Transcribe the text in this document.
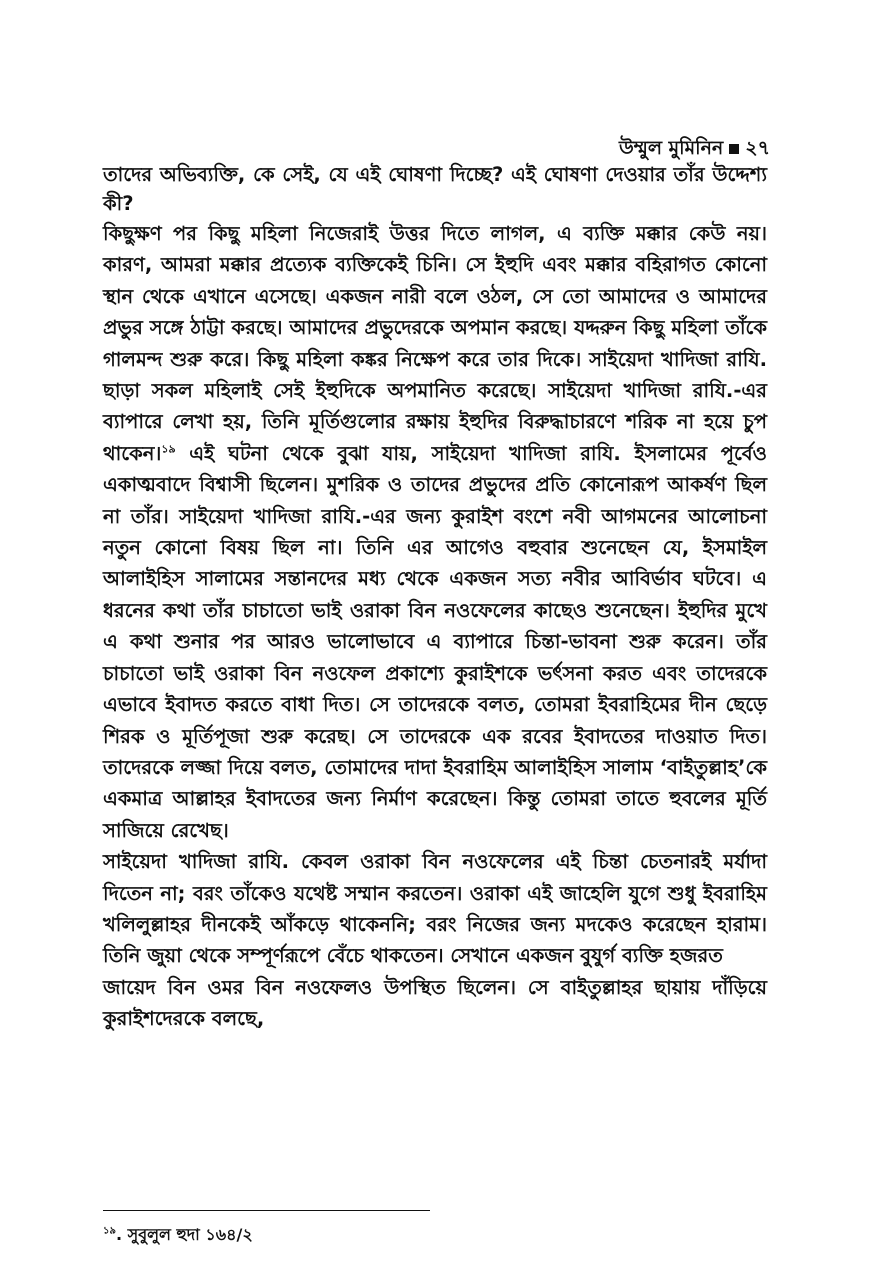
উম্মুল মুমিনিন ২৭

তাদের অভিব্যক্তি, কে সেই, যে এই ঘোষণা দিচ্ছে? এই ঘোষণা দেওয়ার তাঁর উদ্দেশ্য কী?

কিছুক্ষণ পর কিছু মহিলা নিজেরাই উত্তর দিতে লাগল, এ ব্যক্তি মক্কার কেউ নয়। কারণ, আমরা মক্কার প্রত্যেক ব্যক্তিকেই চিনি। সে ইহুদি এবং মক্কার বহিরাগত কোনো স্থান থেকে এখানে এসেছে। একজন নারী বলে ওঠল, সে তো আমাদের ও আমাদের প্রভুর সঙ্গে ঠাট্টা করছে। আমাদের প্রভুদেরকে অপমান করছে। যদ্দরুন কিছু মহিলা তাঁকে গালমন্দ শুরু করে। কিছু মহিলা কঙ্কর নিক্ষেপ করে তার দিকে। সাইয়েদা খাদিজা রাযি. ছাড়া সকল মহিলাই সেই ইহুদিকে অপমানিত করেছে। সাইয়েদা খাদিজা রাযি.-এর ব্যাপারে লেখা হয়, তিনি মূর্তিগুলোর রক্ষায় ইহুদির বিরুদ্ধাচারণে শরিক না হয়ে চুপ থাকেন।$^{১৯}$ এই ঘটনা থেকে বুঝা যায়, সাইয়েদা খাদিজা রাযি. ইসলামের পূর্বেও একাত্মবাদে বিশ্বাসী ছিলেন। মুশরিক ও তাদের প্রভুদের প্রতি কোনোরূপ আকর্ষণ ছিল না তাঁর। সাইয়েদা খাদিজা রাযি.-এর জন্য কুরাইশ বংশে নবী আগমনের আলোচনা নতুন কোনো বিষয় ছিল না। তিনি এর আগেও বহুবার শুনেছেন যে, ইসমাইল আলাইহিস সালামের সন্তানদের মধ্য থেকে একজন সত্য নবীর আবির্ভাব ঘটবে। এ ধরনের কথা তাঁর চাচাতো ভাই ওরাকা বিন নওফেলের কাছেও শুনেছেন। ইহুদির মুখে এ কথা শুনার পর আরও ভালোভাবে এ ব্যাপারে চিন্তা-ভাবনা শুরু করেন। তাঁর চাচাতো ভাই ওরাকা বিন নওফেল প্রকাশ্যে কুরাইশকে ভর্ৎসনা করত এবং তাদেরকে এভাবে ইবাদত করতে বাধা দিত। সে তাদেরকে বলত, তোমরা ইবরাহিমের দীন ছেড়ে শিরক ও মূর্তিপূজা শুরু করেছ। সে তাদেরকে এক রবের ইবাদতের দাওয়াত দিত। তাদেরকে লজ্জা দিয়ে বলত, তোমাদের দাদা ইবরাহিম আলাইহিস সালাম ‘বাইতুল্লাহ’কে একমাত্র আল্লাহর ইবাদতের জন্য নির্মাণ করেছেন। কিন্তু তোমরা তাতে হুবলের মূর্তি সাজিয়ে রেখেছ।

সাইয়েদা খাদিজা রাযি. কেবল ওরাকা বিন নওফেলের এই চিন্তা চেতনারই মর্যাদা দিতেন না; বরং তাঁকেও যথেষ্ট সম্মান করতেন। ওরাকা এই জাহেলি যুগে শুধু ইবরাহিম খলিলুল্লাহর দীনকেই আঁকড়ে থাকেননি; বরং নিজের জন্য মদকেও করেছেন হারাম। তিনি জুয়া থেকে সম্পূর্ণরূপে বেঁচে থাকতেন। সেখানে একজন বুযুর্গ ব্যক্তি হজরত

জায়েদ বিন ওমর বিন নওফেলও উপস্থিত ছিলেন। সে বাইতুল্লাহর ছায়ায় দাঁড়িয়ে কুরাইশদেরকে বলছে,

$^{১৯}$. সুবুলুল হুদা ১৬৪/২
